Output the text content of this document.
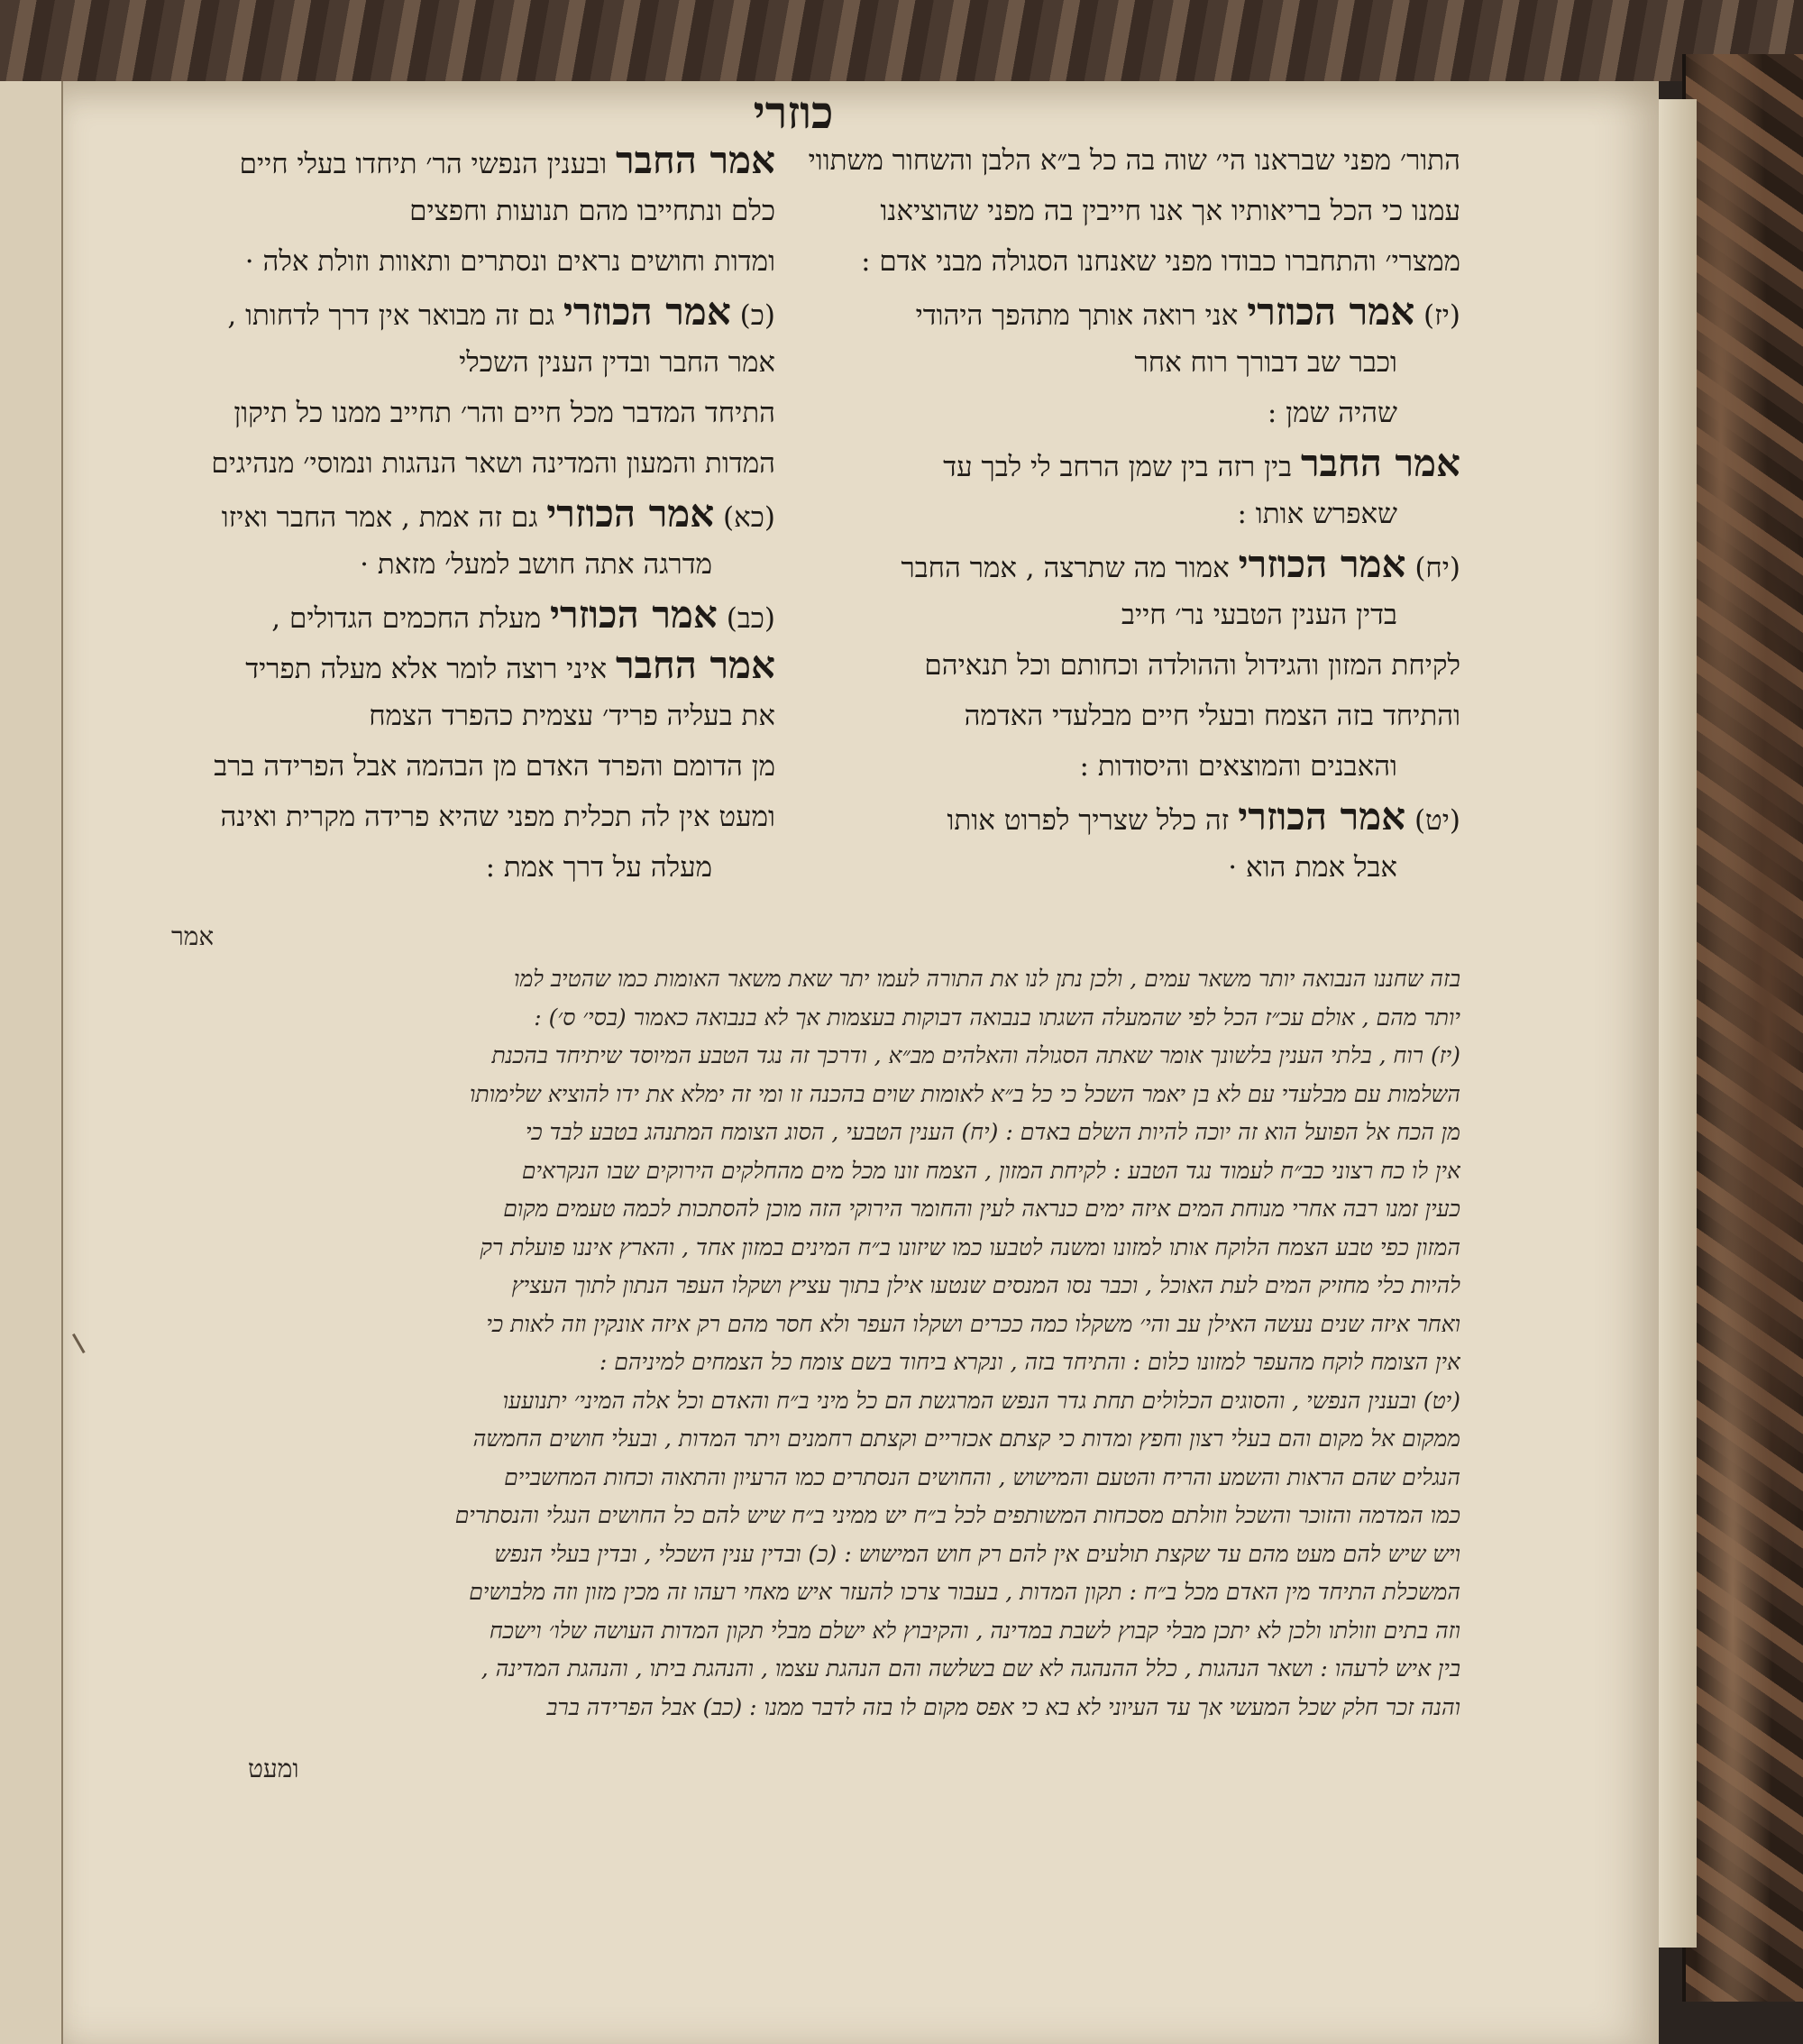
כוזרי
התור׳ מפני שבראנו הי׳ שוה בה כל ב״א הלבן והשחור משתווי
עמנו כי הכל בריאותיו אך אנו חייבין בה מפני שהוציאנו
ממצרי׳ והתחברו כבודו מפני שאנחנו הסגולה מבני אדם :
(יז) אמר הכוזרי אני רואה אותך מתהפך היהודי
וכבר שב דבורך רוח אחר
שהיה שמן :
אמר החבר בין רזה בין שמן הרחב לי לבך עד
שאפרש אותו :
(יח) אמר הכוזרי אמור מה שתרצה , אמר החבר
בדין הענין הטבעי נר׳ חייב
לקיחת המזון והגידול וההולדה וכחותם וכל תנאיהם
והתיחד בזה הצמח ובעלי חיים מבלעדי האדמה
והאבנים והמוצאים והיסודות :
(יט) אמר הכוזרי זה כלל שצריך לפרוט אותו
אבל אמת הוא ·
אמר החבר ובענין הנפשי הר׳ תיחדו בעלי חיים
כלם ונתחייבו מהם תנועות וחפצים
ומדות וחושים נראים ונסתרים ותאוות וזולת אלה ·
(כ) אמר הכוזרי גם זה מבואר אין דרך לדחותו ,
אמר החבר ובדין הענין השכלי
התיחד המדבר מכל חיים והר׳ תחייב ממנו כל תיקון
המדות והמעון והמדינה ושאר הנהגות ונמוסי׳ מנהיגים
(כא) אמר הכוזרי גם זה אמת , אמר החבר ואיזו
מדרגה אתה חושב למעל׳ מזאת ·
(כב) אמר הכוזרי מעלת החכמים הגדולים ,
אמר החבר איני רוצה לומר אלא מעלה תפריד
את בעליה פריד׳ עצמית כהפרד הצמח
מן הדומם והפרד האדם מן הבהמה אבל הפרידה ברב
ומעט אין לה תכלית מפני שהיא פרידה מקרית ואינה
מעלה על דרך אמת :
אמר
בזה שחננו הנבואה יותר משאר עמים , ולכן נתן לנו את התורה לעמו יתר שאת משאר האומות כמו שהטיב למו
יותר מהם , אולם עכ״ז הכל לפי שהמעלה השגתו בנבואה דבוקות בעצמות אך לא בנבואה כאמור (בסי׳ ס׳) :
(יז) רוח , בלתי הענין בלשונך אומר שאתה הסגולה והאלהים מב״א , ודרכך זה נגד הטבע המיוסד שיתיחד בהכנת
השלמות עם מבלעדי עם לא בן יאמר השכל כי כל ב״א לאומות שוים בהכנה זו ומי זה ימלא את ידו להוציא שלימותו
מן הכח אל הפועל הוא זה יוכה להיות השלם באדם : (יח) הענין הטבעי , הסוג הצומח המתנהג בטבע לבד כי
אין לו כח רצוני כב״ח לעמוד נגד הטבע : לקיחת המזון , הצמח זונו מכל מים מהחלקים הירוקים שבו הנקראים
כעין זמנו רבה אחרי מנוחת המים איזה ימים כנראה לעין והחומר הירוקי הזה מוכן להסתכות לכמה טעמים מקום
המזון כפי טבע הצמח הלוקח אותו למזונו ומשנה לטבעו כמו שיזונו ב״ח המינים במזון אחד , והארץ איננו פועלת רק
להיות כלי מחזיק המים לעת האוכל , וכבר נסו המנסים שנטעו אילן בתוך עציץ ושקלו העפר הנתון לתוך העציץ
ואחר איזה שנים נעשה האילן עב והי׳ משקלו כמה ככרים ושקלו העפר ולא חסר מהם רק איזה אונקין וזה לאות כי
אין הצומח לוקח מהעפר למזונו כלום : והתיחד בזה , ונקרא ביחוד בשם צומח כל הצמחים למיניהם :
(יט) ובענין הנפשי , והסוגים הכלולים תחת גדר הנפש המרגשת הם כל מיני ב״ח והאדם וכל אלה המיני׳ יתנועעו
ממקום אל מקום והם בעלי רצון וחפץ ומדות כי קצתם אכזריים וקצתם רחמנים ויתר המדות , ובעלי חושים החמשה
הנגלים שהם הראות והשמע והריח והטעם והמישוש , והחושים הנסתרים כמו הרעיון והתאוה וכחות המחשביים
כמו המדמה והזוכר והשכל וזולתם מסכחות המשותפים לכל ב״ח יש ממיני ב״ח שיש להם כל החושים הנגלי והנסתרים
ויש שיש להם מעט מהם עד שקצת תולעים אין להם רק חוש המישוש : (כ) ובדין ענין השכלי , ובדין בעלי הנפש
המשכלת התיחד מין האדם מכל ב״ח : תקון המדות , בעבור צרכו להעזר איש מאחי רעהו זה מכין מזון וזה מלבושים
וזה בתים וזולתו ולכן לא יתכן מבלי קבוץ לשבת במדינה , והקיבוץ לא ישלם מבלי תקון המדות העושה שלו׳ וישכח
בין איש לרעהו : ושאר הנהגות , כלל ההנהגה לא שם בשלשה והם הנהגת עצמו , והנהגת ביתו , והנהגת המדינה ,
והנה זכר חלק שכל המעשי אך עד העיוני לא בא כי אפס מקום לו בזה לדבר ממנו : (כב) אבל הפרידה ברב
ומעט
